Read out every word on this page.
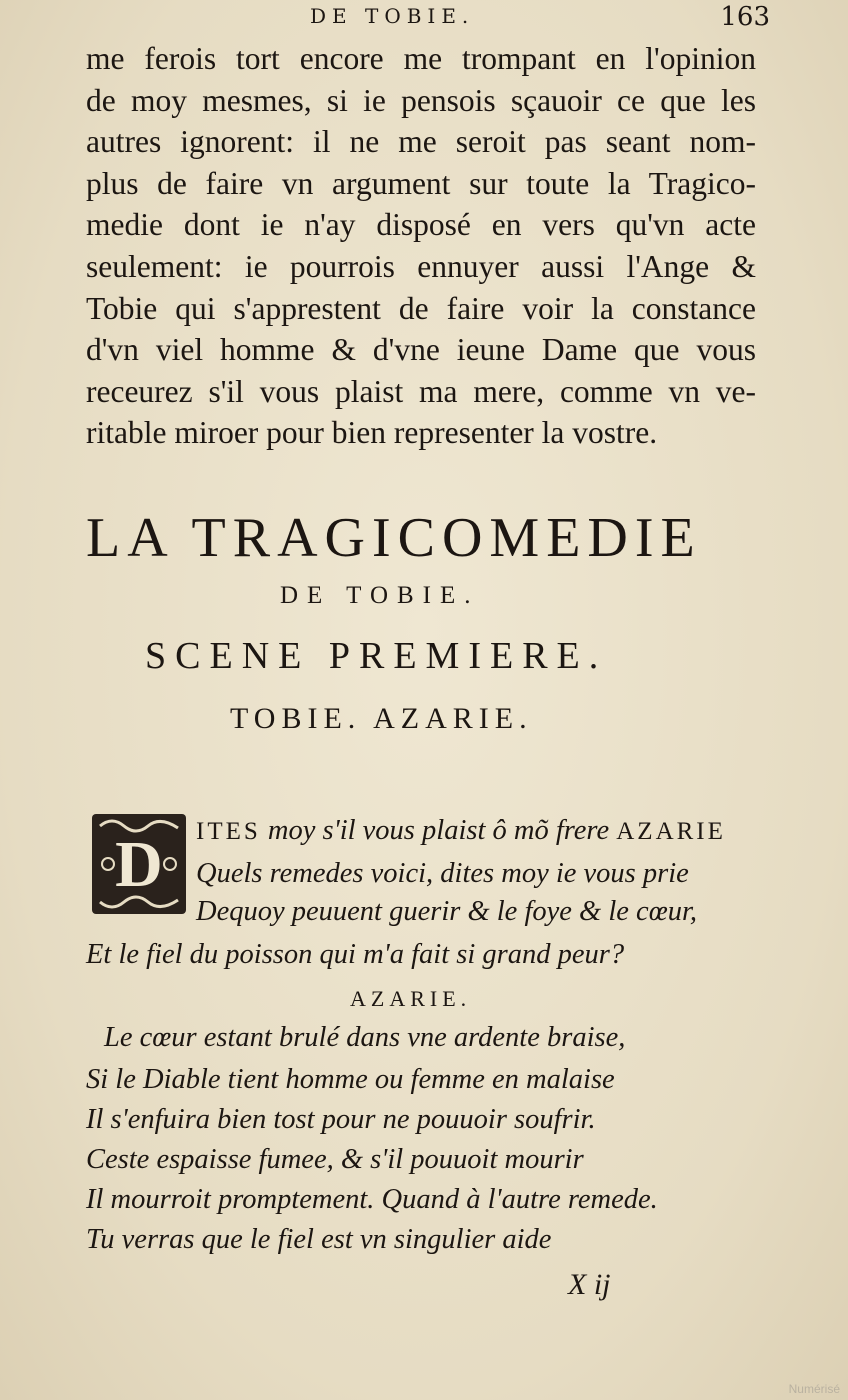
DE TOBIE.	163
me ferois tort encore me trompant en l'opinion
de moy mesmes, si ie pensois sçauoir ce que les
autres ignorent: il ne me seroit pas seant nom-
plus de faire vn argument sur toute la Tragico-
medie dont ie n'ay disposé en vers qu'vn acte
seulement: ie pourrois ennuyer aussi l'Ange &
Tobie qui s'apprestent de faire voir la constance
d'vn viel homme & d'vne ieune Dame que vous
receurez s'il vous plaist ma mere, comme vn ve-
ritable miroer pour bien representer la vostre.
LA TRAGICOMEDIE
DE TOBIE.
SCENE PREMIERE.
TOBIE. AZARIE.
D ITES moy s'il vous plaist ô mõ frere AZARIE
Quels remedes voici, dites moy ie vous prie
Dequoy peuuent guerir & le foye & le cœur,
Et le fiel du poisson qui m'a fait si grand peur?
AZARIE.
Le cœur estant brulé dans vne ardente braise,
Si le Diable tient homme ou femme en malaise
Il s'enfuira bien tost pour ne pouuoir soufrir.
Ceste espaisse fumee, & s'il pouuoit mourir
Il mourroit promptement. Quand à l'autre remede.
Tu verras que le fiel est vn singulier aide
X ij
Numérisé
